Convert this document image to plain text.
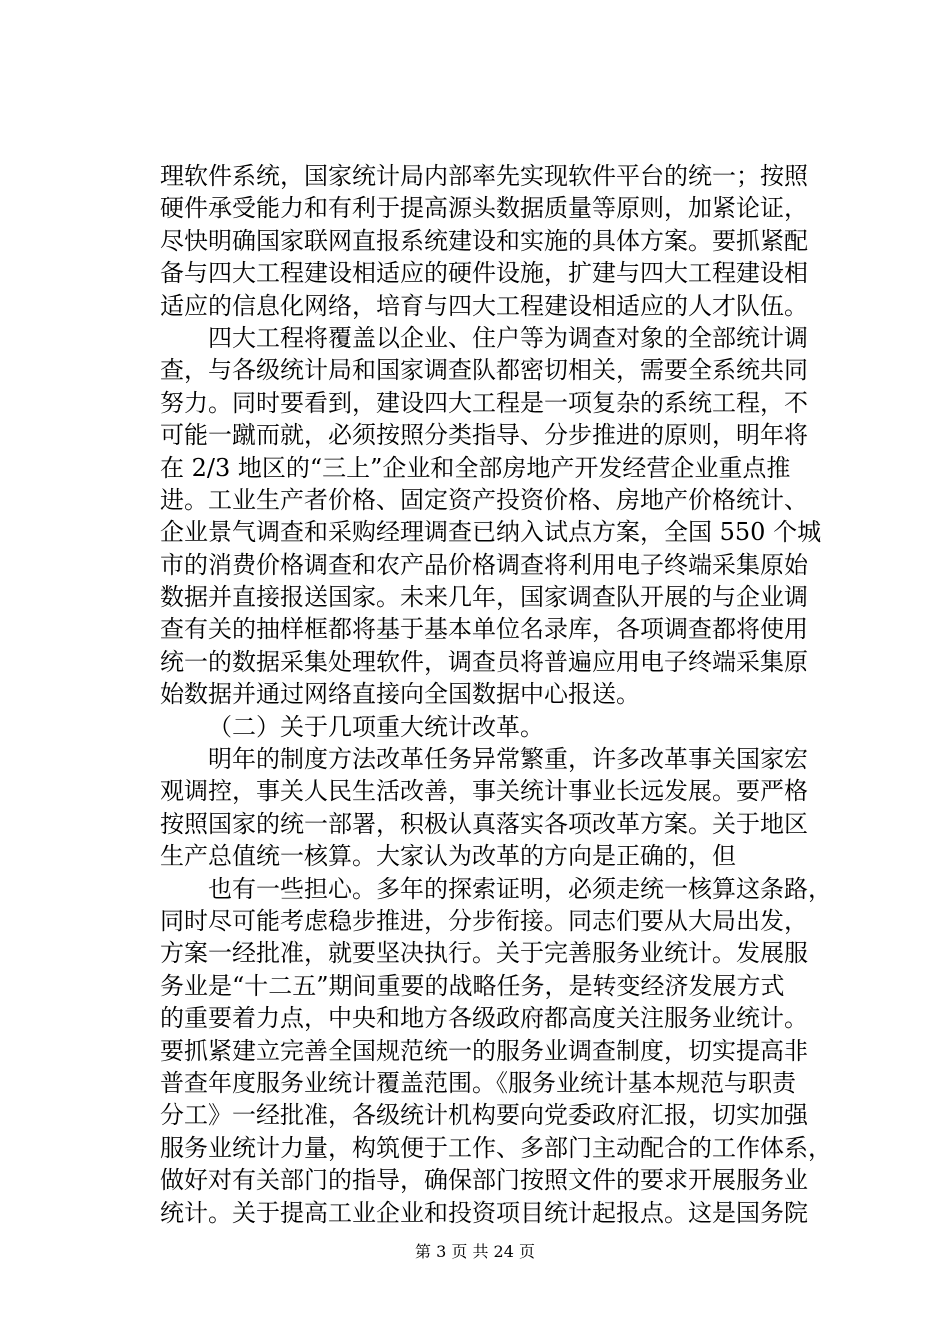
理软件系统，国家统计局内部率先实现软件平台的统一；按照
硬件承受能力和有利于提高源头数据质量等原则，加紧论证，
尽快明确国家联网直报系统建设和实施的具体方案。要抓紧配
备与四大工程建设相适应的硬件设施，扩建与四大工程建设相
适应的信息化网络，培育与四大工程建设相适应的人才队伍。
四大工程将覆盖以企业、住户等为调查对象的全部统计调
查，与各级统计局和国家调查队都密切相关，需要全系统共同
努力。同时要看到，建设四大工程是一项复杂的系统工程，不
可能一蹴而就，必须按照分类指导、分步推进的原则，明年将
在 2/3 地区的“三上”企业和全部房地产开发经营企业重点推
进。工业生产者价格、固定资产投资价格、房地产价格统计、
企业景气调查和采购经理调查已纳入试点方案，全国 550 个城
市的消费价格调查和农产品价格调查将利用电子终端采集原始
数据并直接报送国家。未来几年，国家调查队开展的与企业调
查有关的抽样框都将基于基本单位名录库，各项调查都将使用
统一的数据采集处理软件，调查员将普遍应用电子终端采集原
始数据并通过网络直接向全国数据中心报送。
（二）关于几项重大统计改革。
明年的制度方法改革任务异常繁重，许多改革事关国家宏
观调控，事关人民生活改善，事关统计事业长远发展。要严格
按照国家的统一部署，积极认真落实各项改革方案。关于地区
生产总值统一核算。大家认为改革的方向是正确的，但
也有一些担心。多年的探索证明，必须走统一核算这条路，
同时尽可能考虑稳步推进，分步衔接。同志们要从大局出发，
方案一经批准，就要坚决执行。关于完善服务业统计。发展服
务业是“十二五”期间重要的战略任务，是转变经济发展方式
的重要着力点，中央和地方各级政府都高度关注服务业统计。
要抓紧建立完善全国规范统一的服务业调查制度，切实提高非
普查年度服务业统计覆盖范围。《服务业统计基本规范与职责
分工》一经批准，各级统计机构要向党委政府汇报，切实加强
服务业统计力量，构筑便于工作、多部门主动配合的工作体系，
做好对有关部门的指导，确保部门按照文件的要求开展服务业
统计。关于提高工业企业和投资项目统计起报点。这是国务院
第 3 页 共 24 页
